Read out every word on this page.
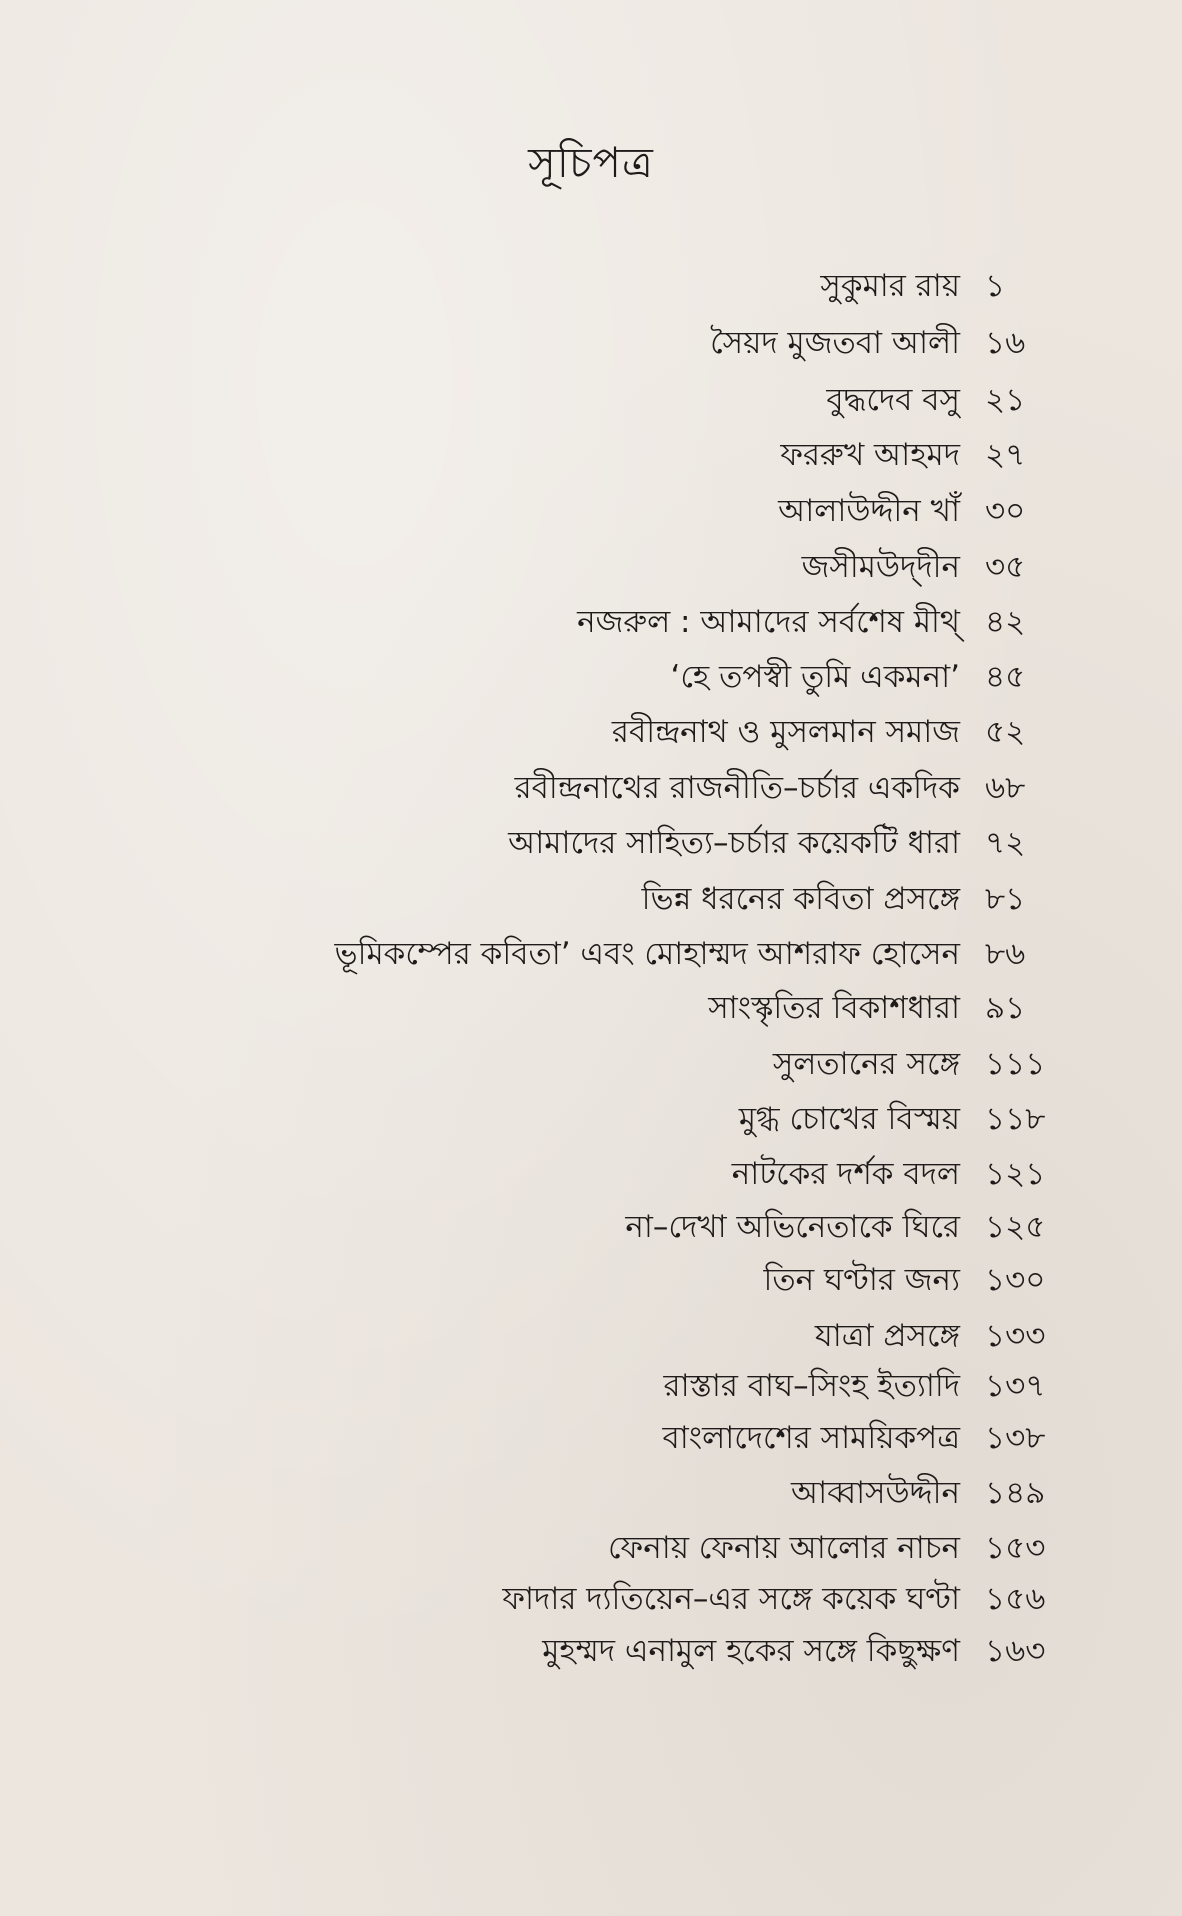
সূচিপত্র
সুকুমার রায় ১
সৈয়দ মুজতবা আলী ১৬
বুদ্ধদেব বসু ২১
ফররুখ আহমদ ২৭
আলাউদ্দীন খাঁ ৩০
জসীমউদ্‌দীন ৩৫
নজরুল : আমাদের সর্বশেষ মীথ্‌ ৪২
‘হে তপস্বী তুমি একমনা’ ৪৫
রবীন্দ্রনাথ ও মুসলমান সমাজ ৫২
রবীন্দ্রনাথের রাজনীতি–চর্চার একদিক ৬৮
আমাদের সাহিত্য–চর্চার কয়েকটি ধারা ৭২
ভিন্ন ধরনের কবিতা প্রসঙ্গে ৮১
ভূমিকম্পের কবিতা’ এবং মোহাম্মদ আশরাফ হোসেন ৮৬
সাংস্কৃতির বিকাশধারা ৯১
সুলতানের সঙ্গে ১১১
মুগ্ধ চোখের বিস্ময় ১১৮
নাটকের দর্শক বদল ১২১
না–দেখা অভিনেতাকে ঘিরে ১২৫
তিন ঘণ্টার জন্য ১৩০
যাত্রা প্রসঙ্গে ১৩৩
রাস্তার বাঘ–সিংহ ইত্যাদি ১৩৭
বাংলাদেশের সাময়িকপত্র ১৩৮
আব্বাসউদ্দীন ১৪৯
ফেনায় ফেনায় আলোর নাচন ১৫৩
ফাদার দ্যতিয়েন–এর সঙ্গে কয়েক ঘণ্টা ১৫৬
মুহম্মদ এনামুল হকের সঙ্গে কিছুক্ষণ ১৬৩
